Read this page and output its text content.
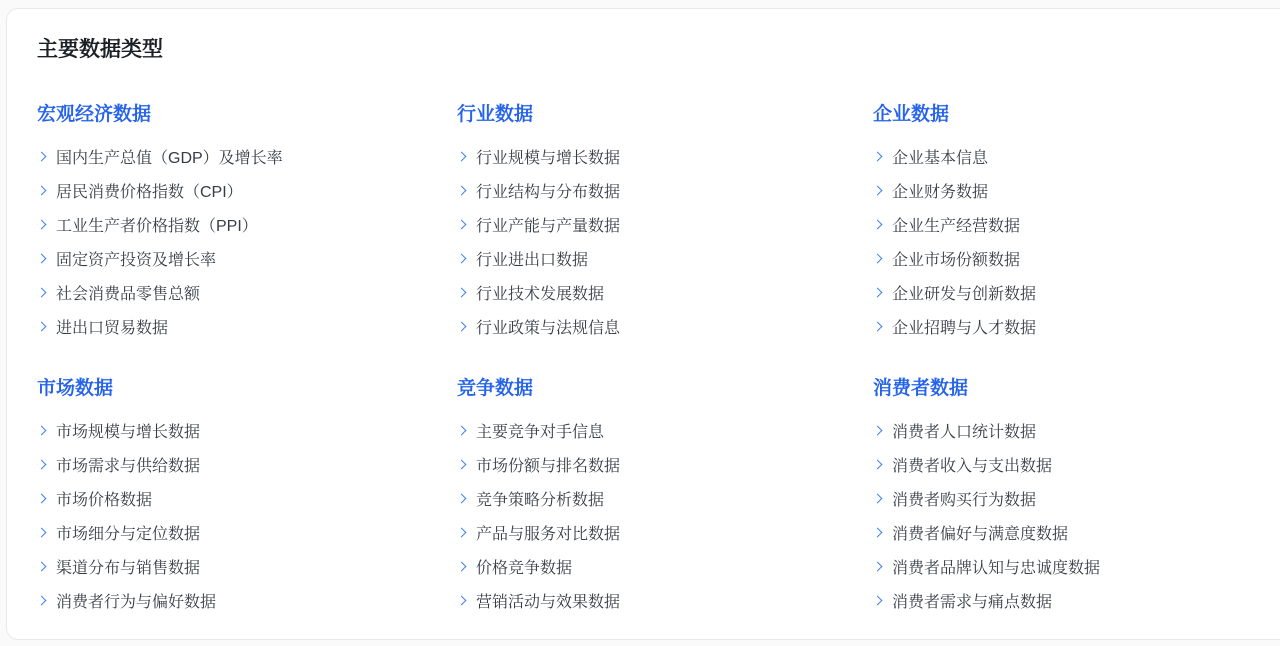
主要数据类型
宏观经济数据
国内生产总值（GDP）及增长率
居民消费价格指数（CPI）
工业生产者价格指数（PPI）
固定资产投资及增长率
社会消费品零售总额
进出口贸易数据
行业数据
行业规模与增长数据
行业结构与分布数据
行业产能与产量数据
行业进出口数据
行业技术发展数据
行业政策与法规信息
企业数据
企业基本信息
企业财务数据
企业生产经营数据
企业市场份额数据
企业研发与创新数据
企业招聘与人才数据
市场数据
市场规模与增长数据
市场需求与供给数据
市场价格数据
市场细分与定位数据
渠道分布与销售数据
消费者行为与偏好数据
竞争数据
主要竞争对手信息
市场份额与排名数据
竞争策略分析数据
产品与服务对比数据
价格竞争数据
营销活动与效果数据
消费者数据
消费者人口统计数据
消费者收入与支出数据
消费者购买行为数据
消费者偏好与满意度数据
消费者品牌认知与忠诚度数据
消费者需求与痛点数据
